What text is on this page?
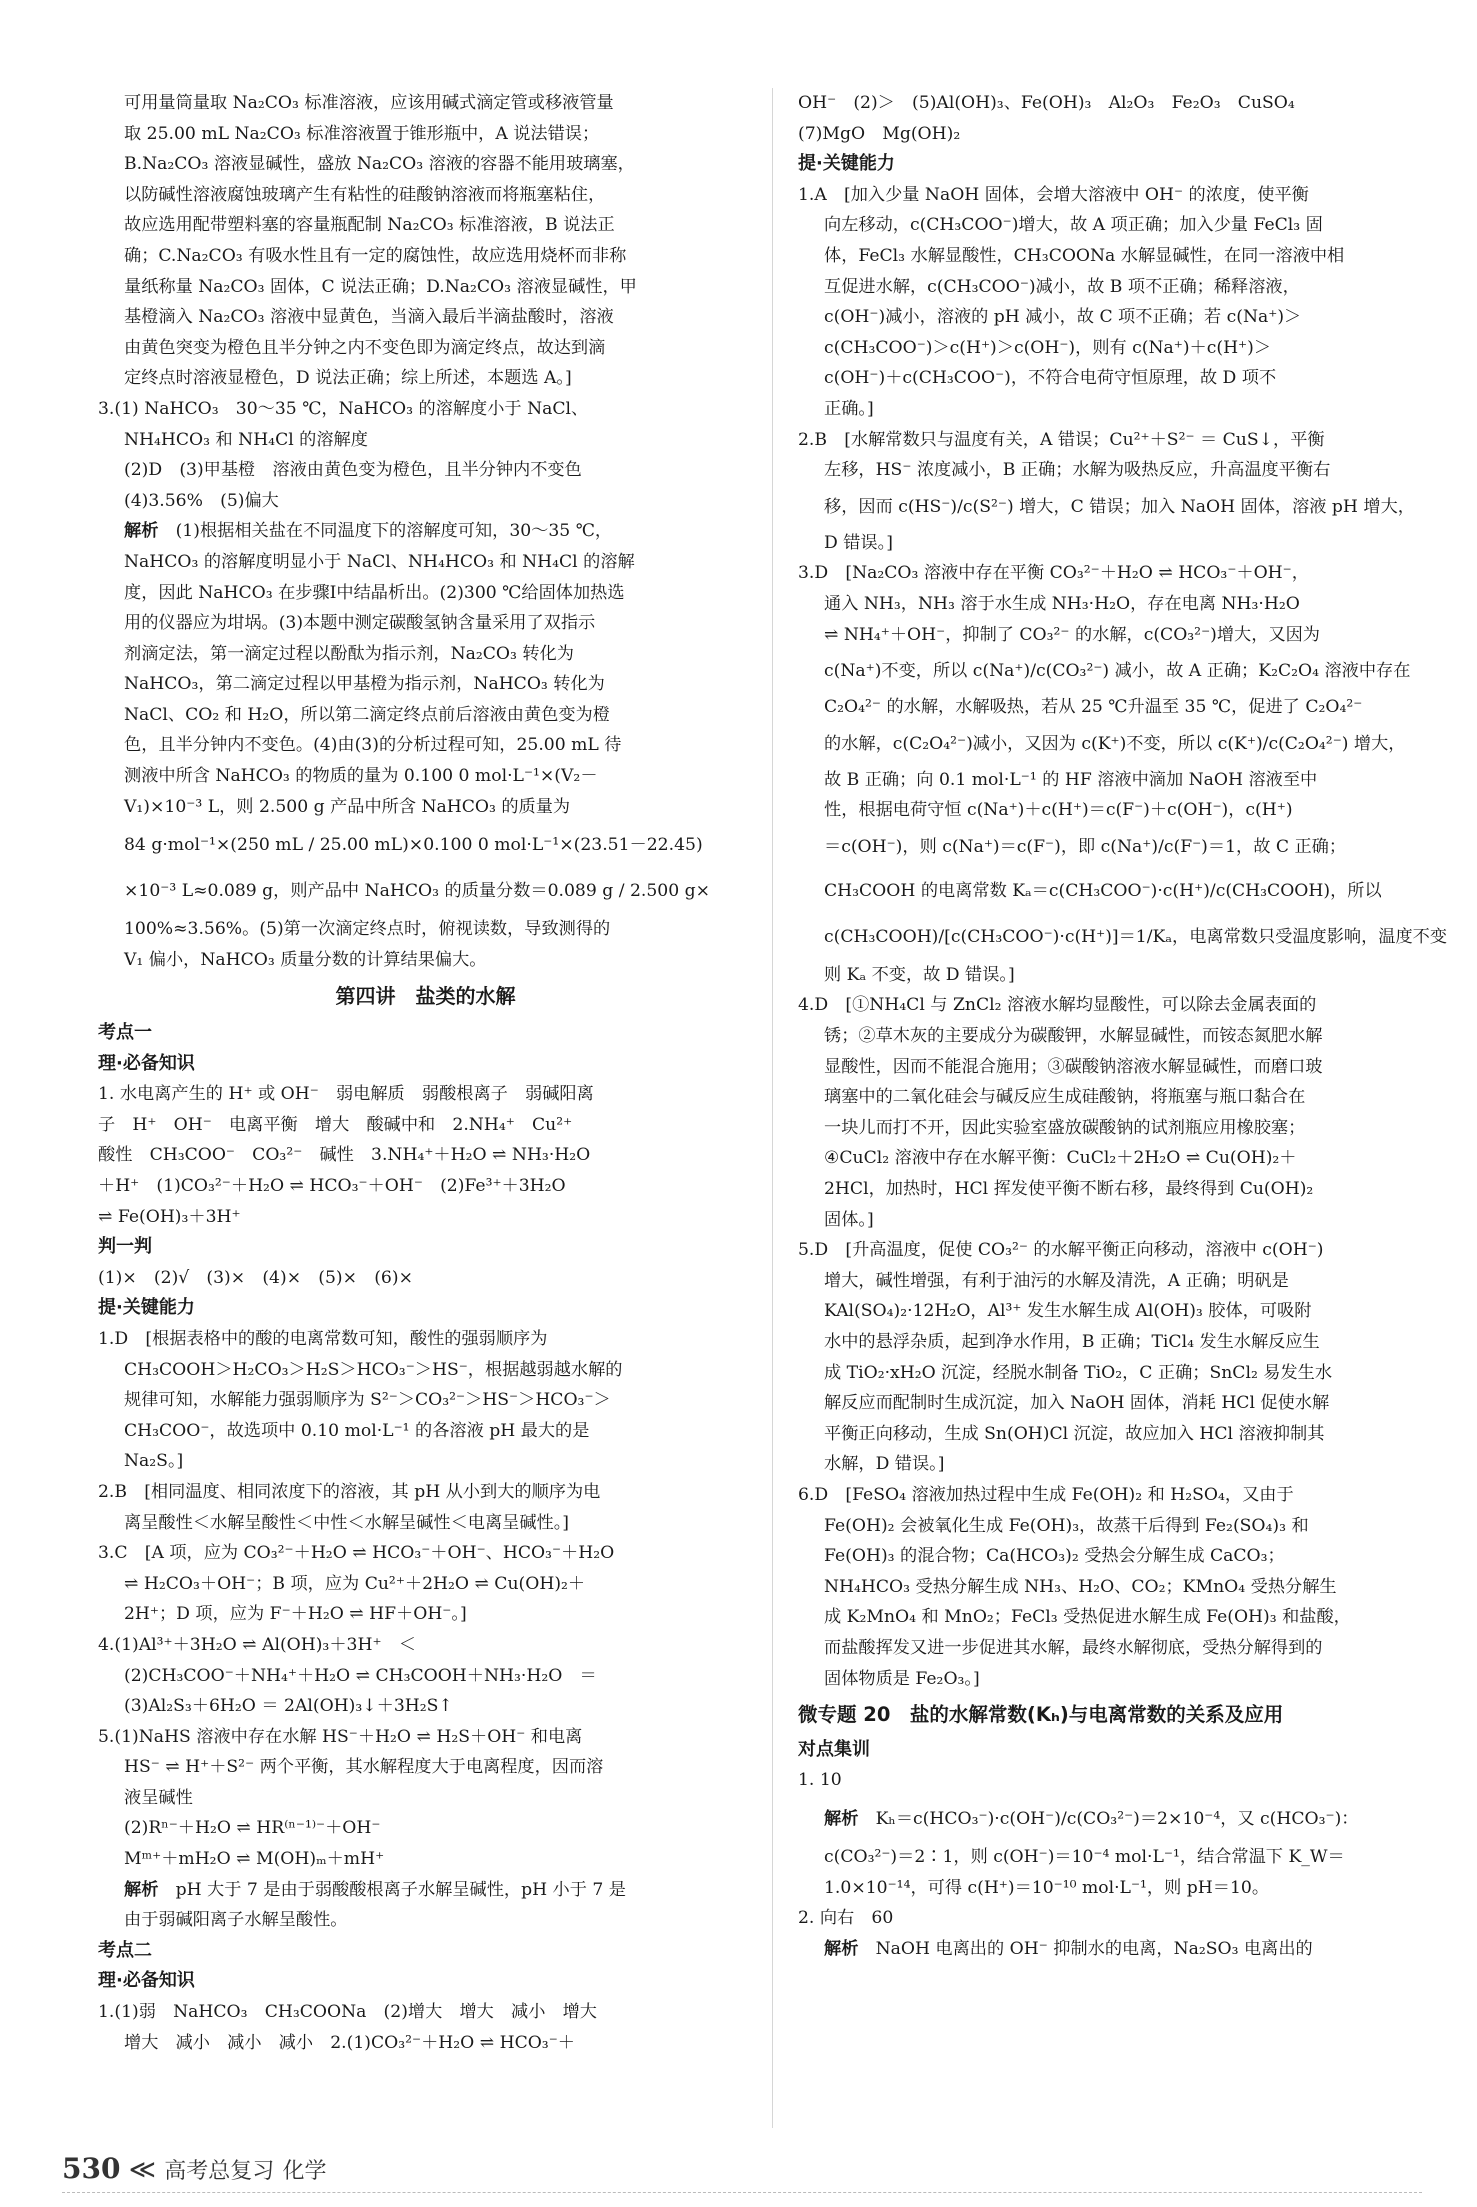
可用量筒量取 Na₂CO₃ 标准溶液，应该用碱式滴定管或移液管量
取 25.00 mL Na₂CO₃ 标准溶液置于锥形瓶中，A 说法错误；
B.Na₂CO₃ 溶液显碱性，盛放 Na₂CO₃ 溶液的容器不能用玻璃塞，
以防碱性溶液腐蚀玻璃产生有粘性的硅酸钠溶液而将瓶塞粘住，
故应选用配带塑料塞的容量瓶配制 Na₂CO₃ 标准溶液，B 说法正
确；C.Na₂CO₃ 有吸水性且有一定的腐蚀性，故应选用烧杯而非称
量纸称量 Na₂CO₃ 固体，C 说法正确；D.Na₂CO₃ 溶液显碱性，甲
基橙滴入 Na₂CO₃ 溶液中显黄色，当滴入最后半滴盐酸时，溶液
由黄色突变为橙色且半分钟之内不变色即为滴定终点，故达到滴
定终点时溶液显橙色，D 说法正确；综上所述，本题选 A。]
3.(1) NaHCO₃　30～35 ℃，NaHCO₃ 的溶解度小于 NaCl、
NH₄HCO₃ 和 NH₄Cl 的溶解度
(2)D　(3)甲基橙　溶液由黄色变为橙色，且半分钟内不变色
(4)3.56%　(5)偏大
解析　 (1)根据相关盐在不同温度下的溶解度可知，30～35 ℃，
NaHCO₃ 的溶解度明显小于 NaCl、NH₄HCO₃ 和 NH₄Cl 的溶解
度，因此 NaHCO₃ 在步骤Ⅰ中结晶析出。(2)300 ℃给固体加热选
用的仪器应为坩埚。(3)本题中测定碳酸氢钠含量采用了双指示
剂滴定法，第一滴定过程以酚酞为指示剂，Na₂CO₃ 转化为
NaHCO₃，第二滴定过程以甲基橙为指示剂，NaHCO₃ 转化为
NaCl、CO₂ 和 H₂O，所以第二滴定终点前后溶液由黄色变为橙
色，且半分钟内不变色。(4)由(3)的分析过程可知，25.00 mL 待
测液中所含 NaHCO₃ 的物质的量为 0.100 0 mol·L⁻¹×(V₂－
V₁)×10⁻³ L，则 2.500 g 产品中所含 NaHCO₃ 的质量为
84 g·mol⁻¹×(250 mL / 25.00 mL)×0.100 0 mol·L⁻¹×(23.51－22.45)
×10⁻³ L≈0.089 g，则产品中 NaHCO₃ 的质量分数＝0.089 g / 2.500 g×
100%≈3.56%。(5)第一次滴定终点时，俯视读数，导致测得的
V₁ 偏小，NaHCO₃ 质量分数的计算结果偏大。
第四讲　盐类的水解
考点一
理·必备知识
1. 水电离产生的 H⁺ 或 OH⁻　弱电解质　弱酸根离子　弱碱阳离
子　H⁺　OH⁻　电离平衡　增大　酸碱中和　2.NH₄⁺　Cu²⁺
酸性　CH₃COO⁻　CO₃²⁻　碱性　3.NH₄⁺＋H₂O ⇌ NH₃·H₂O
＋H⁺　(1)CO₃²⁻＋H₂O ⇌ HCO₃⁻＋OH⁻　(2)Fe³⁺＋3H₂O
⇌ Fe(OH)₃＋3H⁺
判一判
(1)×　(2)√　(3)×　(4)×　(5)×　(6)×
提·关键能力
1.D　[根据表格中的酸的电离常数可知，酸性的强弱顺序为
CH₃COOH＞H₂CO₃＞H₂S＞HCO₃⁻＞HS⁻，根据越弱越水解的
规律可知，水解能力强弱顺序为 S²⁻＞CO₃²⁻＞HS⁻＞HCO₃⁻＞
CH₃COO⁻，故选项中 0.10 mol·L⁻¹ 的各溶液 pH 最大的是
Na₂S。]
2.B　[相同温度、相同浓度下的溶液，其 pH 从小到大的顺序为电
离呈酸性＜水解呈酸性＜中性＜水解呈碱性＜电离呈碱性。]
3.C　[A 项，应为 CO₃²⁻＋H₂O ⇌ HCO₃⁻＋OH⁻、HCO₃⁻＋H₂O
⇌ H₂CO₃＋OH⁻；B 项，应为 Cu²⁺＋2H₂O ⇌ Cu(OH)₂＋
2H⁺；D 项，应为 F⁻＋H₂O ⇌ HF＋OH⁻。]
4.(1)Al³⁺＋3H₂O ⇌ Al(OH)₃＋3H⁺　＜
(2)CH₃COO⁻＋NH₄⁺＋H₂O ⇌ CH₃COOH＋NH₃·H₂O　＝
(3)Al₂S₃＋6H₂O ＝ 2Al(OH)₃↓＋3H₂S↑
5.(1)NaHS 溶液中存在水解 HS⁻＋H₂O ⇌ H₂S＋OH⁻ 和电离
HS⁻ ⇌ H⁺＋S²⁻ 两个平衡，其水解程度大于电离程度，因而溶
液呈碱性
(2)Rⁿ⁻＋H₂O ⇌ HR⁽ⁿ⁻¹⁾⁻＋OH⁻
Mᵐ⁺＋mH₂O ⇌ M(OH)ₘ＋mH⁺
解析　 pH 大于 7 是由于弱酸酸根离子水解呈碱性，pH 小于 7 是
由于弱碱阳离子水解呈酸性。
考点二
理·必备知识
1.(1)弱　NaHCO₃　CH₃COONa　(2)增大　增大　减小　增大
增大　减小　减小　减小　2.(1)CO₃²⁻＋H₂O ⇌ HCO₃⁻＋
OH⁻　(2)＞　(5)Al(OH)₃、Fe(OH)₃　Al₂O₃　Fe₂O₃　CuSO₄
(7)MgO　Mg(OH)₂
提·关键能力
1.A　[加入少量 NaOH 固体，会增大溶液中 OH⁻ 的浓度，使平衡
向左移动，c(CH₃COO⁻)增大，故 A 项正确；加入少量 FeCl₃ 固
体，FeCl₃ 水解显酸性，CH₃COONa 水解显碱性，在同一溶液中相
互促进水解，c(CH₃COO⁻)减小，故 B 项不正确；稀释溶液，
c(OH⁻)减小，溶液的 pH 减小，故 C 项不正确；若 c(Na⁺)＞
c(CH₃COO⁻)＞c(H⁺)＞c(OH⁻)，则有 c(Na⁺)＋c(H⁺)＞
c(OH⁻)＋c(CH₃COO⁻)，不符合电荷守恒原理，故 D 项不
正确。]
2.B　[水解常数只与温度有关，A 错误；Cu²⁺＋S²⁻ ＝ CuS↓，平衡
左移，HS⁻ 浓度减小，B 正确；水解为吸热反应，升高温度平衡右
移，因而 c(HS⁻)/c(S²⁻) 增大，C 错误；加入 NaOH 固体，溶液 pH 增大，
D 错误。]
3.D　[Na₂CO₃ 溶液中存在平衡 CO₃²⁻＋H₂O ⇌ HCO₃⁻＋OH⁻，
通入 NH₃，NH₃ 溶于水生成 NH₃·H₂O，存在电离 NH₃·H₂O
⇌ NH₄⁺＋OH⁻，抑制了 CO₃²⁻ 的水解，c(CO₃²⁻)增大，又因为
c(Na⁺)不变，所以 c(Na⁺)/c(CO₃²⁻) 减小，故 A 正确；K₂C₂O₄ 溶液中存在
C₂O₄²⁻ 的水解，水解吸热，若从 25 ℃升温至 35 ℃，促进了 C₂O₄²⁻
的水解，c(C₂O₄²⁻)减小，又因为 c(K⁺)不变，所以 c(K⁺)/c(C₂O₄²⁻) 增大，
故 B 正确；向 0.1 mol·L⁻¹ 的 HF 溶液中滴加 NaOH 溶液至中
性，根据电荷守恒 c(Na⁺)＋c(H⁺)＝c(F⁻)＋c(OH⁻)，c(H⁺)
＝c(OH⁻)，则 c(Na⁺)＝c(F⁻)，即 c(Na⁺)/c(F⁻)＝1，故 C 正确；
CH₃COOH 的电离常数 Kₐ＝c(CH₃COO⁻)·c(H⁺)/c(CH₃COOH)，所以
c(CH₃COOH)/[c(CH₃COO⁻)·c(H⁺)]＝1/Kₐ，电离常数只受温度影响，温度不变
则 Kₐ 不变，故 D 错误。]
4.D　[①NH₄Cl 与 ZnCl₂ 溶液水解均显酸性，可以除去金属表面的
锈；②草木灰的主要成分为碳酸钾，水解显碱性，而铵态氮肥水解
显酸性，因而不能混合施用；③碳酸钠溶液水解显碱性，而磨口玻
璃塞中的二氧化硅会与碱反应生成硅酸钠，将瓶塞与瓶口黏合在
一块儿而打不开，因此实验室盛放碳酸钠的试剂瓶应用橡胶塞；
④CuCl₂ 溶液中存在水解平衡：CuCl₂＋2H₂O ⇌ Cu(OH)₂＋
2HCl，加热时，HCl 挥发使平衡不断右移，最终得到 Cu(OH)₂
固体。]
5.D　[升高温度，促使 CO₃²⁻ 的水解平衡正向移动，溶液中 c(OH⁻)
增大，碱性增强，有利于油污的水解及清洗，A 正确；明矾是
KAl(SO₄)₂·12H₂O，Al³⁺ 发生水解生成 Al(OH)₃ 胶体，可吸附
水中的悬浮杂质，起到净水作用，B 正确；TiCl₄ 发生水解反应生
成 TiO₂·xH₂O 沉淀，经脱水制备 TiO₂，C 正确；SnCl₂ 易发生水
解反应而配制时生成沉淀，加入 NaOH 固体，消耗 HCl 促使水解
平衡正向移动，生成 Sn(OH)Cl 沉淀，故应加入 HCl 溶液抑制其
水解，D 错误。]
6.D　[FeSO₄ 溶液加热过程中生成 Fe(OH)₂ 和 H₂SO₄，又由于
Fe(OH)₂ 会被氧化生成 Fe(OH)₃，故蒸干后得到 Fe₂(SO₄)₃ 和
Fe(OH)₃ 的混合物；Ca(HCO₃)₂ 受热会分解生成 CaCO₃；
NH₄HCO₃ 受热分解生成 NH₃、H₂O、CO₂；KMnO₄ 受热分解生
成 K₂MnO₄ 和 MnO₂；FeCl₃ 受热促进水解生成 Fe(OH)₃ 和盐酸，
而盐酸挥发又进一步促进其水解，最终水解彻底，受热分解得到的
固体物质是 Fe₂O₃。]
微专题 20　盐的水解常数(Kₕ)与电离常数的关系及应用
对点集训
1. 10
解析　 Kₕ＝c(HCO₃⁻)·c(OH⁻)/c(CO₃²⁻)＝2×10⁻⁴，又 c(HCO₃⁻)：
c(CO₃²⁻)＝2∶1，则 c(OH⁻)＝10⁻⁴ mol·L⁻¹，结合常温下 K_W＝
1.0×10⁻¹⁴，可得 c(H⁺)＝10⁻¹⁰ mol·L⁻¹，则 pH＝10。
2. 向右　60
解析　 NaOH 电离出的 OH⁻ 抑制水的电离，Na₂SO₃ 电离出的
530 ≪ 高考总复习 化学
